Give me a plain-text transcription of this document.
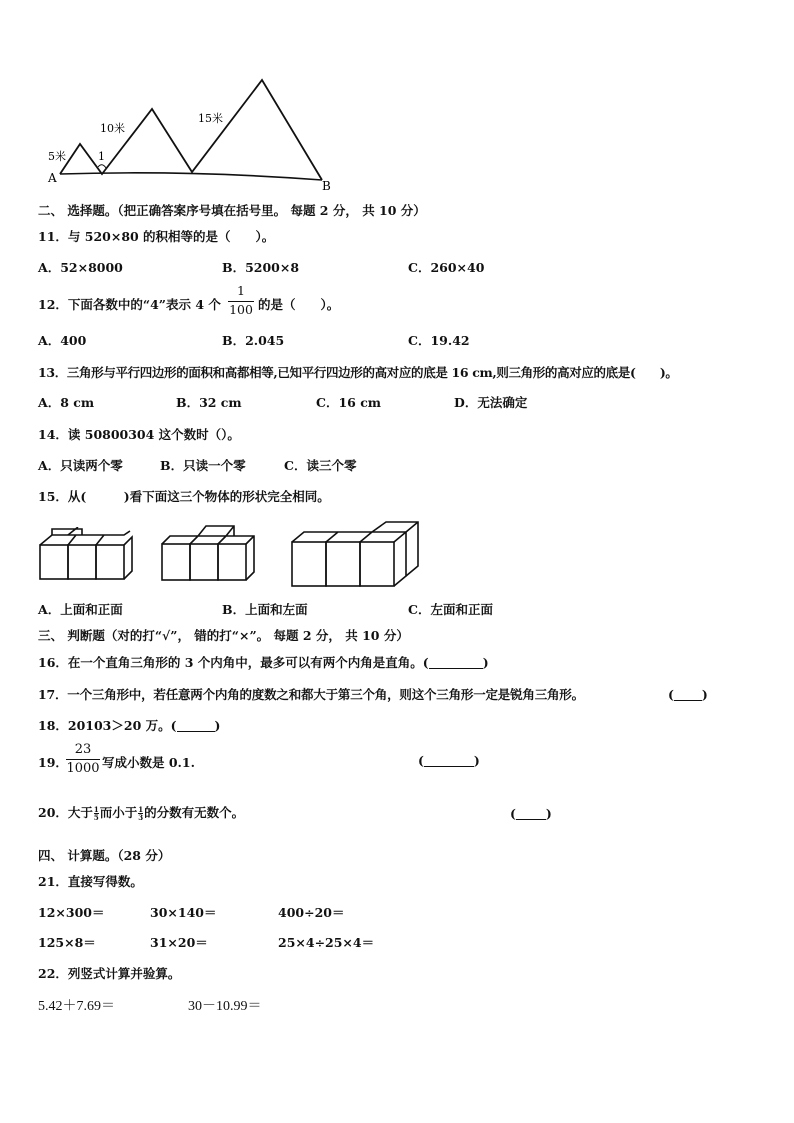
A
B
5米
10米
15米
1
二、 选择题。（把正确答案序号填在括号里。 每题 2 分， 共 10 分）
11．与 520×80 的积相等的是（　　）。
A．52×8000	B．5200×8	C．260×40
12．下面各数中的“4”表示 4 个
1
100 的是（　　）。
A．400	B．2.045	C．19.42
13．三角形与平行四边形的面积和高都相等,已知平行四边形的高对应的底是 16 cm,则三角形的高对应的底是(　　)。
A．8 cm	B．32 cm	C．16 cm	D．无法确定
14．读 50800304 这个数时（）。
A．只读两个零	B．只读一个零	C．读三个零
15．从(　　　)看下面这三个物体的形状完全相同。
A．上面和正面	B．上面和左面	C．左面和正面
三、 判断题（对的打“√”， 错的打“×”。 每题 2 分， 共 10 分）
16．在一个直角三角形的 3 个内角中，最多可以有两个内角是直角。(	)
17．一个三角形中，若任意两个内角的度数之和都大于第三个角，则这个三角形一定是锐角三角形。	( )
18．20103＞20 万。(	)
19．
23
1000 写成小数是 0.1.	(	)
20．大于$\frac{1}{5}$而小于$\frac{1}{3}$的分数有无数个。	( )
四、 计算题。（28 分）
21．直接写得数。
12×300＝	30×140＝	400÷20＝
125×8＝	31×20＝	25×4÷25×4＝
22．列竖式计算并验算。
5.42＋7.69＝	30－10.99＝
